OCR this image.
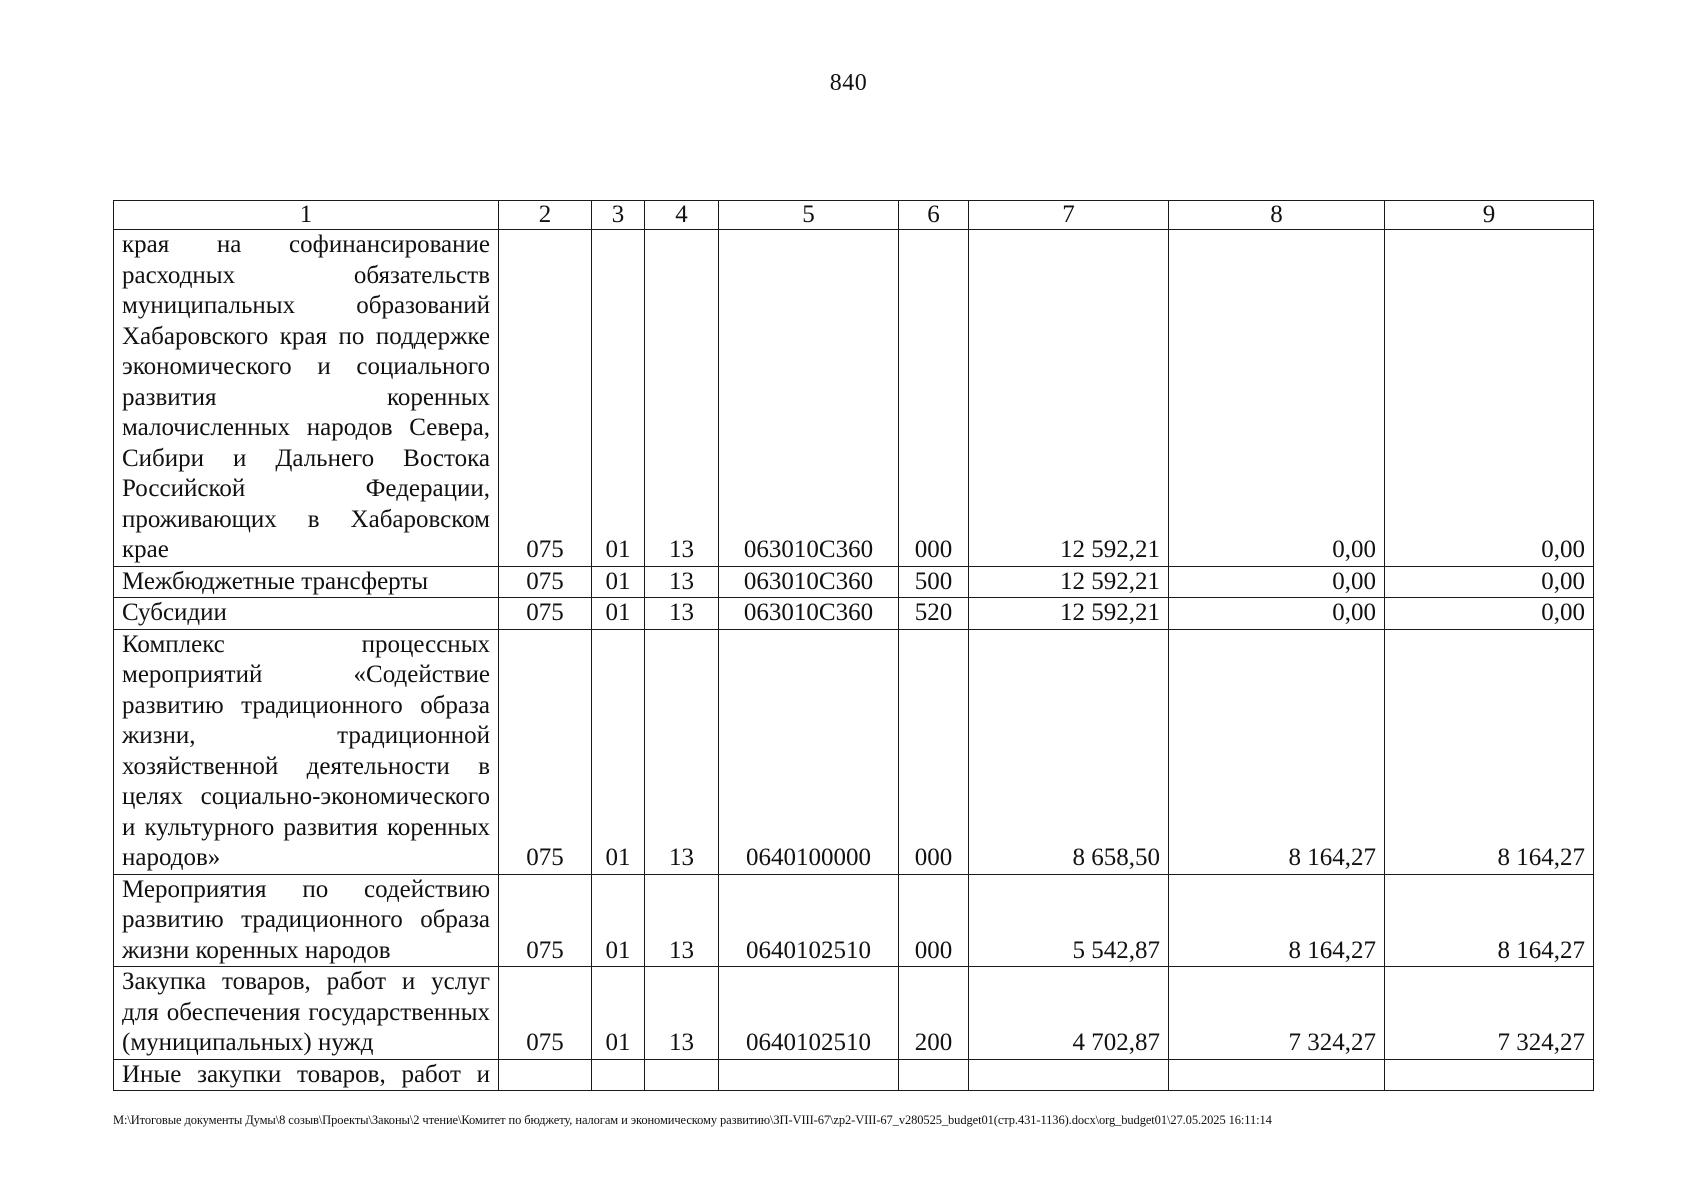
840
1	2	3	4	5	6	7	8	9
края на софинансирование расходных обязательств муниципальных образований Хабаровского края по поддержке экономического и социального развития коренных малочисленных народов Севера, Сибири и Дальнего Востока Российской Федерации, проживающих в Хабаровском крае	075	01	13	063010С360	000	12 592,21	0,00	0,00
Межбюджетные трансферты	075	01	13	063010С360	500	12 592,21	0,00	0,00
Субсидии	075	01	13	063010С360	520	12 592,21	0,00	0,00
Комплекс процессных мероприятий «Содействие развитию традиционного образа жизни, традиционной хозяйственной деятельности в целях социально-экономического и культурного развития коренных народов»	075	01	13	0640100000	000	8 658,50	8 164,27	8 164,27
Мероприятия по содействию развитию традиционного образа жизни коренных народов	075	01	13	0640102510	000	5 542,87	8 164,27	8 164,27
Закупка товаров, работ и услуг для обеспечения государственных (муниципальных) нужд	075	01	13	0640102510	200	4 702,87	7 324,27	7 324,27
Иные закупки товаров, работ и								
M:\Итоговые документы Думы\8 созыв\Проекты\Законы\2 чтение\Комитет по бюджету, налогам и экономическому развитию\ЗП-VIII-67\zp2-VIII-67_v280525_budget01(стр.431-1136).docx\org_budget01\27.05.2025 16:11:14
